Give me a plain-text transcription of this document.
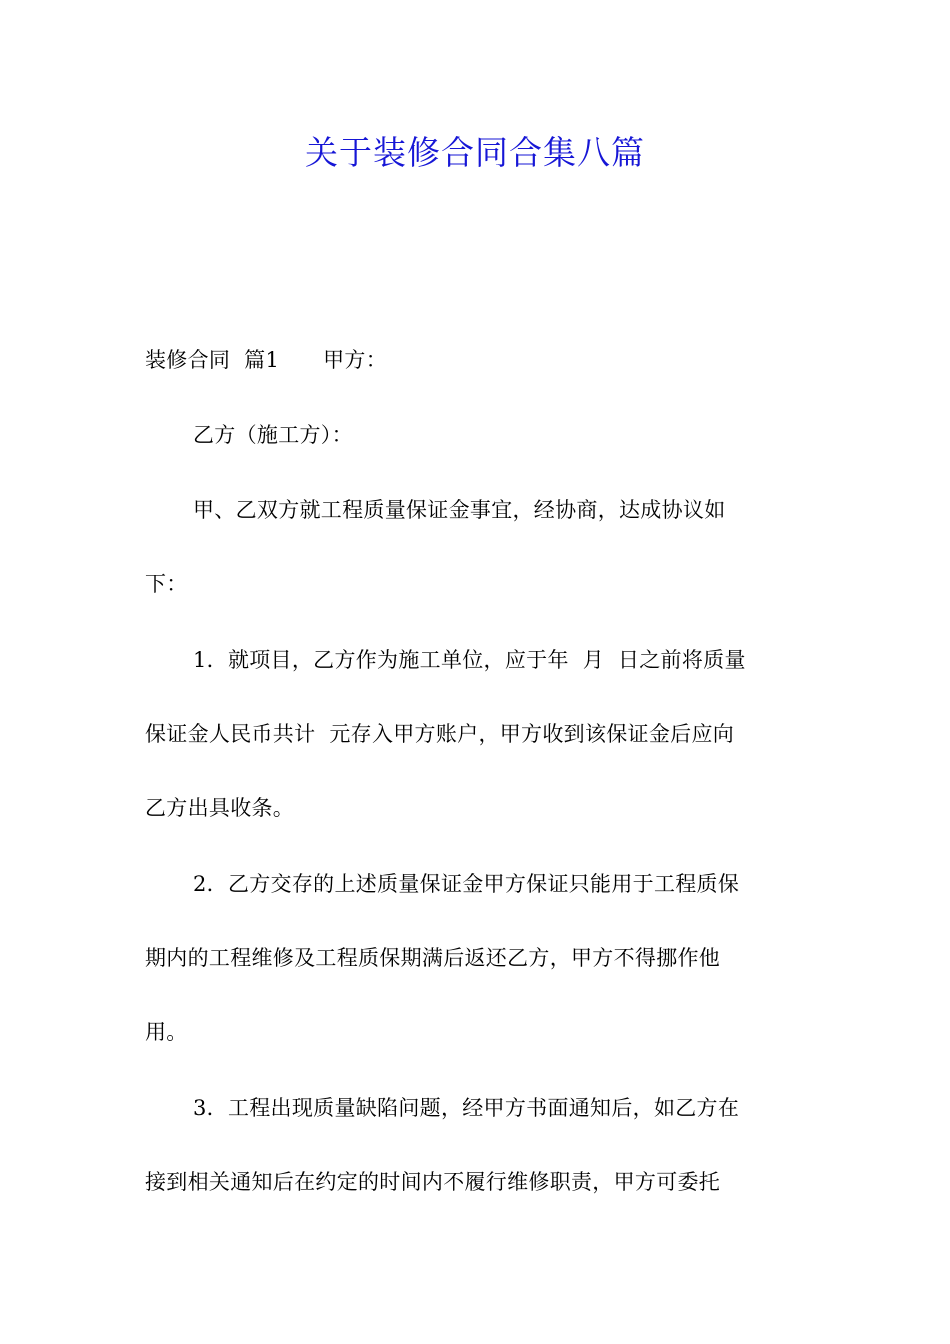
关于装修合同合集八篇
装修合同  篇1 甲方：
乙方（施工方）：
甲、乙双方就工程质量保证金事宜，经协商，达成协议如
下：
1．就项目，乙方作为施工单位，应于年  月  日之前将质量
保证金人民币共计  元存入甲方账户，甲方收到该保证金后应向
乙方出具收条。
2．乙方交存的上述质量保证金甲方保证只能用于工程质保
期内的工程维修及工程质保期满后返还乙方，甲方不得挪作他
用。
3．工程出现质量缺陷问题，经甲方书面通知后，如乙方在
接到相关通知后在约定的时间内不履行维修职责，甲方可委托
